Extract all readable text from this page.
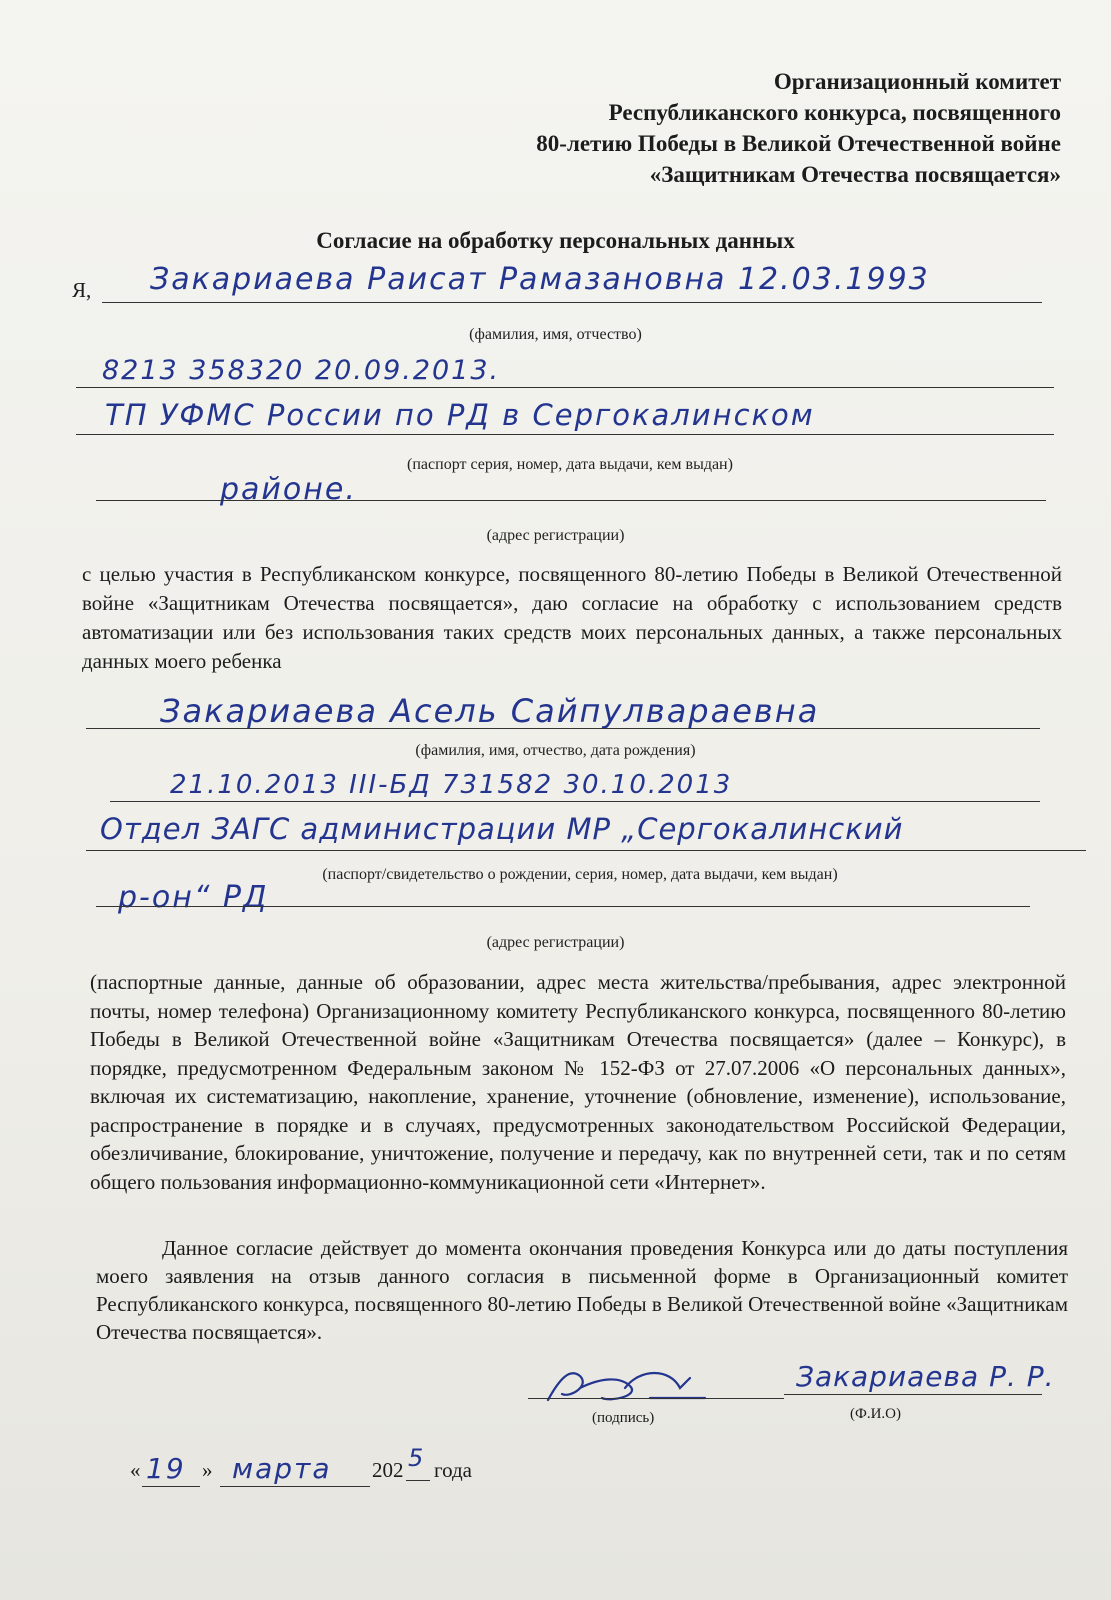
Организационный комитет
Республиканского конкурса, посвященного
80-летию Победы в Великой Отечественной войне
«Защитникам Отечества посвящается»
Согласие на обработку персональных данных
Я, Закариаева Раисат Рамазановна 12.03.1993
(фамилия, имя, отчество)
8213 358320 20.09.2013.
ТП УФМС России по РД в Сергокалинском
(паспорт серия, номер, дата выдачи, кем выдан)
районе.
(адрес регистрации)
с целью участия в Республиканском конкурсе, посвященного 80-летию Победы в Великой Отечественной войне «Защитникам Отечества посвящается», даю согласие на обработку с использованием средств автоматизации или без использования таких средств моих персональных данных, а также персональных данных моего ребенка
Закариаева Асель Сайпулвараевна
(фамилия, имя, отчество, дата рождения)
21.10.2013 III-БД 731582 30.10.2013
Отдел ЗАГС администрации МР „Сергокалинский
(паспорт/свидетельство о рождении, серия, номер, дата выдачи, кем выдан)
р-он“ РД
(адрес регистрации)
(паспортные данные, данные об образовании, адрес места жительства/пребывания, адрес электронной почты, номер телефона) Организационному комитету Республиканского конкурса, посвященного 80-летию Победы в Великой Отечественной войне «Защитникам Отечества посвящается» (далее – Конкурс), в порядке, предусмотренном Федеральным законом № 152-ФЗ от 27.07.2006 «О персональных данных», включая их систематизацию, накопление, хранение, уточнение (обновление, изменение), использование, распространение в порядке и в случаях, предусмотренных законодательством Российской Федерации, обезличивание, блокирование, уничтожение, получение и передачу, как по внутренней сети, так и по сетям общего пользования информационно-коммуникационной сети «Интернет».
Данное согласие действует до момента окончания проведения Конкурса или до даты поступления моего заявления на отзыв данного согласия в письменной форме в Организационный комитет Республиканского конкурса, посвященного 80-летию Победы в Великой Отечественной войне «Защитникам Отечества посвящается».
(подпись)
Закариаева Р. Р.
(Ф.И.О)
« 19 » марта 202 5 года
